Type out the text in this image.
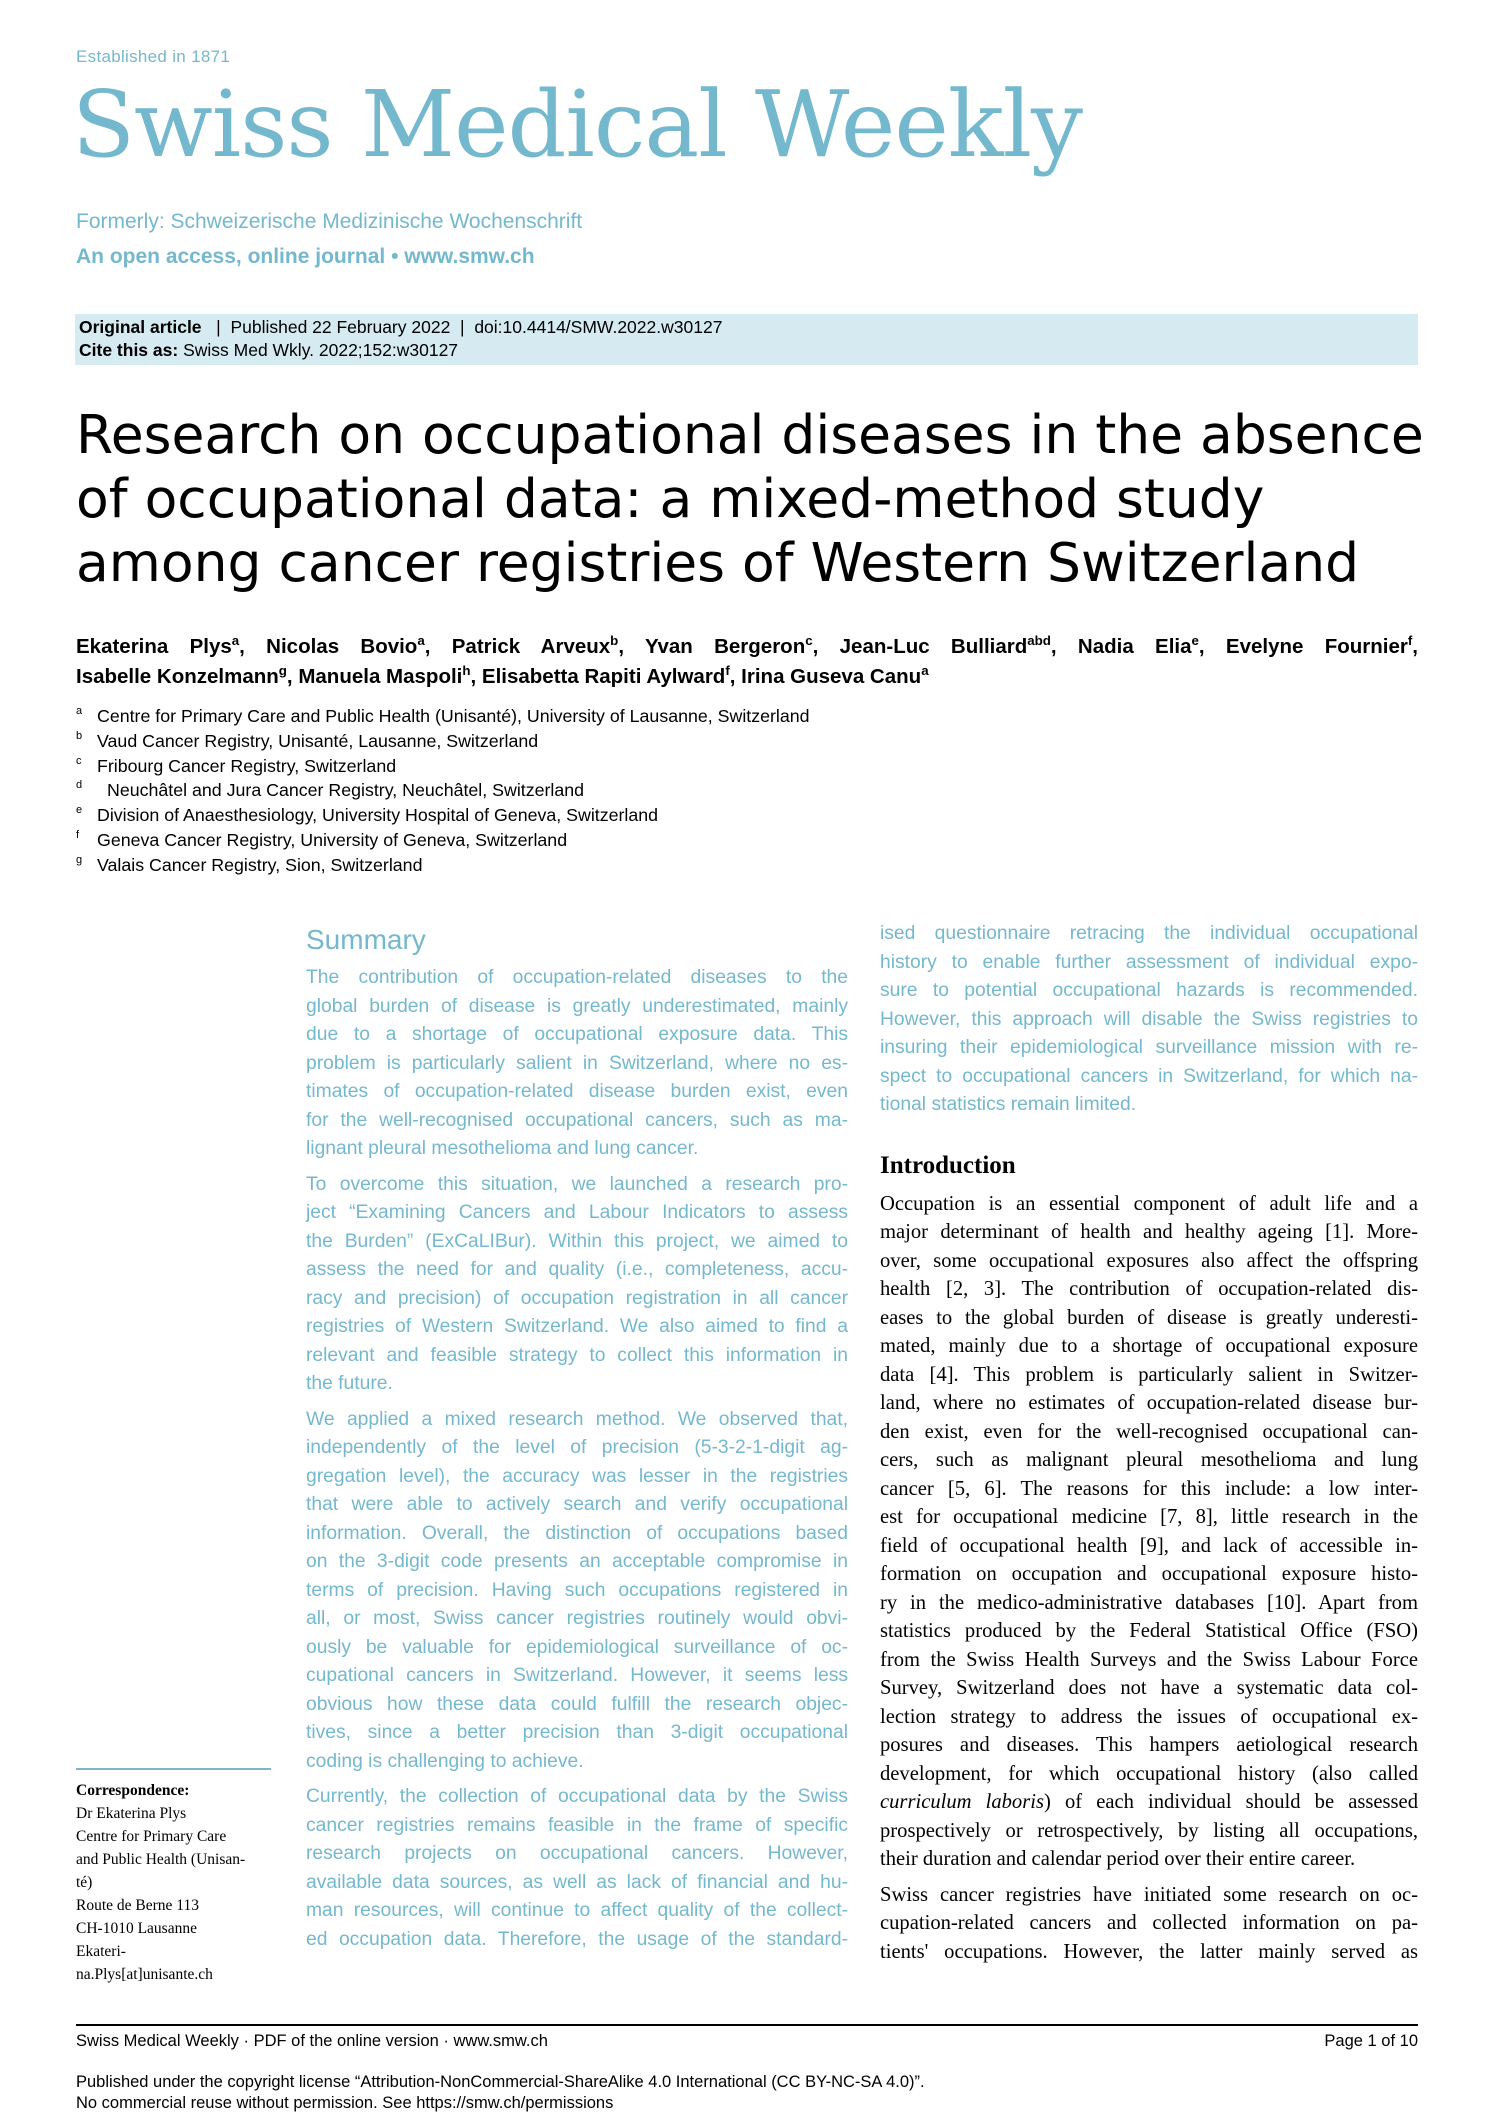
Established in 1871
Swiss Medical Weekly
Formerly: Schweizerische Medizinische Wochenschrift
An open access, online journal • www.smw.ch
Original article | Published 22 February 2022 | doi:10.4414/SMW.2022.w30127
Cite this as: Swiss Med Wkly. 2022;152:w30127
Research on occupational diseases in the absence
of occupational data: a mixed-method study
among cancer registries of Western Switzerland
Ekaterina Plys$^a$, Nicolas Bovio$^a$, Patrick Arveux$^b$, Yvan Bergeron$^c$, Jean-Luc Bulliard$^{abd}$, Nadia Elia$^e$, Evelyne Fournier$^f$,
Isabelle Konzelmann$^g$, Manuela Maspoli$^h$, Elisabetta Rapiti Aylward$^f$, Irina Guseva Canu$^a$
a Centre for Primary Care and Public Health (Unisanté), University of Lausanne, Switzerland
b Vaud Cancer Registry, Unisanté, Lausanne, Switzerland
c Fribourg Cancer Registry, Switzerland
d	Neuchâtel and Jura Cancer Registry, Neuchâtel, Switzerland
e Division of Anaesthesiology, University Hospital of Geneva, Switzerland
f	Geneva Cancer Registry, University of Geneva, Switzerland
g Valais Cancer Registry, Sion, Switzerland
Summary
The contribution of occupation-related diseases to the
global burden of disease is greatly underestimated, mainly
due to a shortage of occupational exposure data. This
problem is particularly salient in Switzerland, where no es-
timates of occupation-related disease burden exist, even
for the well-recognised occupational cancers, such as ma-
lignant pleural mesothelioma and lung cancer.
To overcome this situation, we launched a research pro-
ject “Examining Cancers and Labour Indicators to assess
the Burden” (ExCaLIBur). Within this project, we aimed to
assess the need for and quality (i.e., completeness, accu-
racy and precision) of occupation registration in all cancer
registries of Western Switzerland. We also aimed to find a
relevant and feasible strategy to collect this information in
the future.
We applied a mixed research method. We observed that,
independently of the level of precision (5-3-2-1-digit ag-
gregation level), the accuracy was lesser in the registries
that were able to actively search and verify occupational
information. Overall, the distinction of occupations based
on the 3-digit code presents an acceptable compromise in
terms of precision. Having such occupations registered in
all, or most, Swiss cancer registries routinely would obvi-
ously be valuable for epidemiological surveillance of oc-
cupational cancers in Switzerland. However, it seems less
obvious how these data could fulfill the research objec-
tives, since a better precision than 3-digit occupational
coding is challenging to achieve.
Currently, the collection of occupational data by the Swiss
cancer registries remains feasible in the frame of specific
research projects on occupational cancers. However,
available data sources, as well as lack of financial and hu-
man resources, will continue to affect quality of the collect-
ed occupation data. Therefore, the usage of the standard-
ised questionnaire retracing the individual occupational
history to enable further assessment of individual expo-
sure to potential occupational hazards is recommended.
However, this approach will disable the Swiss registries to
insuring their epidemiological surveillance mission with re-
spect to occupational cancers in Switzerland, for which na-
tional statistics remain limited.
Introduction
Occupation is an essential component of adult life and a
major determinant of health and healthy ageing [1]. More-
over, some occupational exposures also affect the offspring
health [2, 3]. The contribution of occupation-related dis-
eases to the global burden of disease is greatly underesti-
mated, mainly due to a shortage of occupational exposure
data [4]. This problem is particularly salient in Switzer-
land, where no estimates of occupation-related disease bur-
den exist, even for the well-recognised occupational can-
cers, such as malignant pleural mesothelioma and lung
cancer [5, 6]. The reasons for this include: a low inter-
est for occupational medicine [7, 8], little research in the
field of occupational health [9], and lack of accessible in-
formation on occupation and occupational exposure histo-
ry in the medico-administrative databases [10]. Apart from
statistics produced by the Federal Statistical Office (FSO)
from the Swiss Health Surveys and the Swiss Labour Force
Survey, Switzerland does not have a systematic data col-
lection strategy to address the issues of occupational ex-
posures and diseases. This hampers aetiological research
development, for which occupational history (also called
curriculum laboris) of each individual should be assessed
prospectively or retrospectively, by listing all occupations,
their duration and calendar period over their entire career.
Swiss cancer registries have initiated some research on oc-
cupation-related cancers and collected information on pa-
tients' occupations. However, the latter mainly served as
Correspondence:
Dr Ekaterina Plys
Centre for Primary Care
and Public Health (Unisan-
té)
Route de Berne 113
CH-1010 Lausanne
Ekateri-
na.Plys[at]unisante.ch
Swiss Medical Weekly · PDF of the online version · www.smw.ch	Page 1 of 10
Published under the copyright license “Attribution-NonCommercial-ShareAlike 4.0 International (CC BY-NC-SA 4.0)”.
No commercial reuse without permission. See https://smw.ch/permissions
